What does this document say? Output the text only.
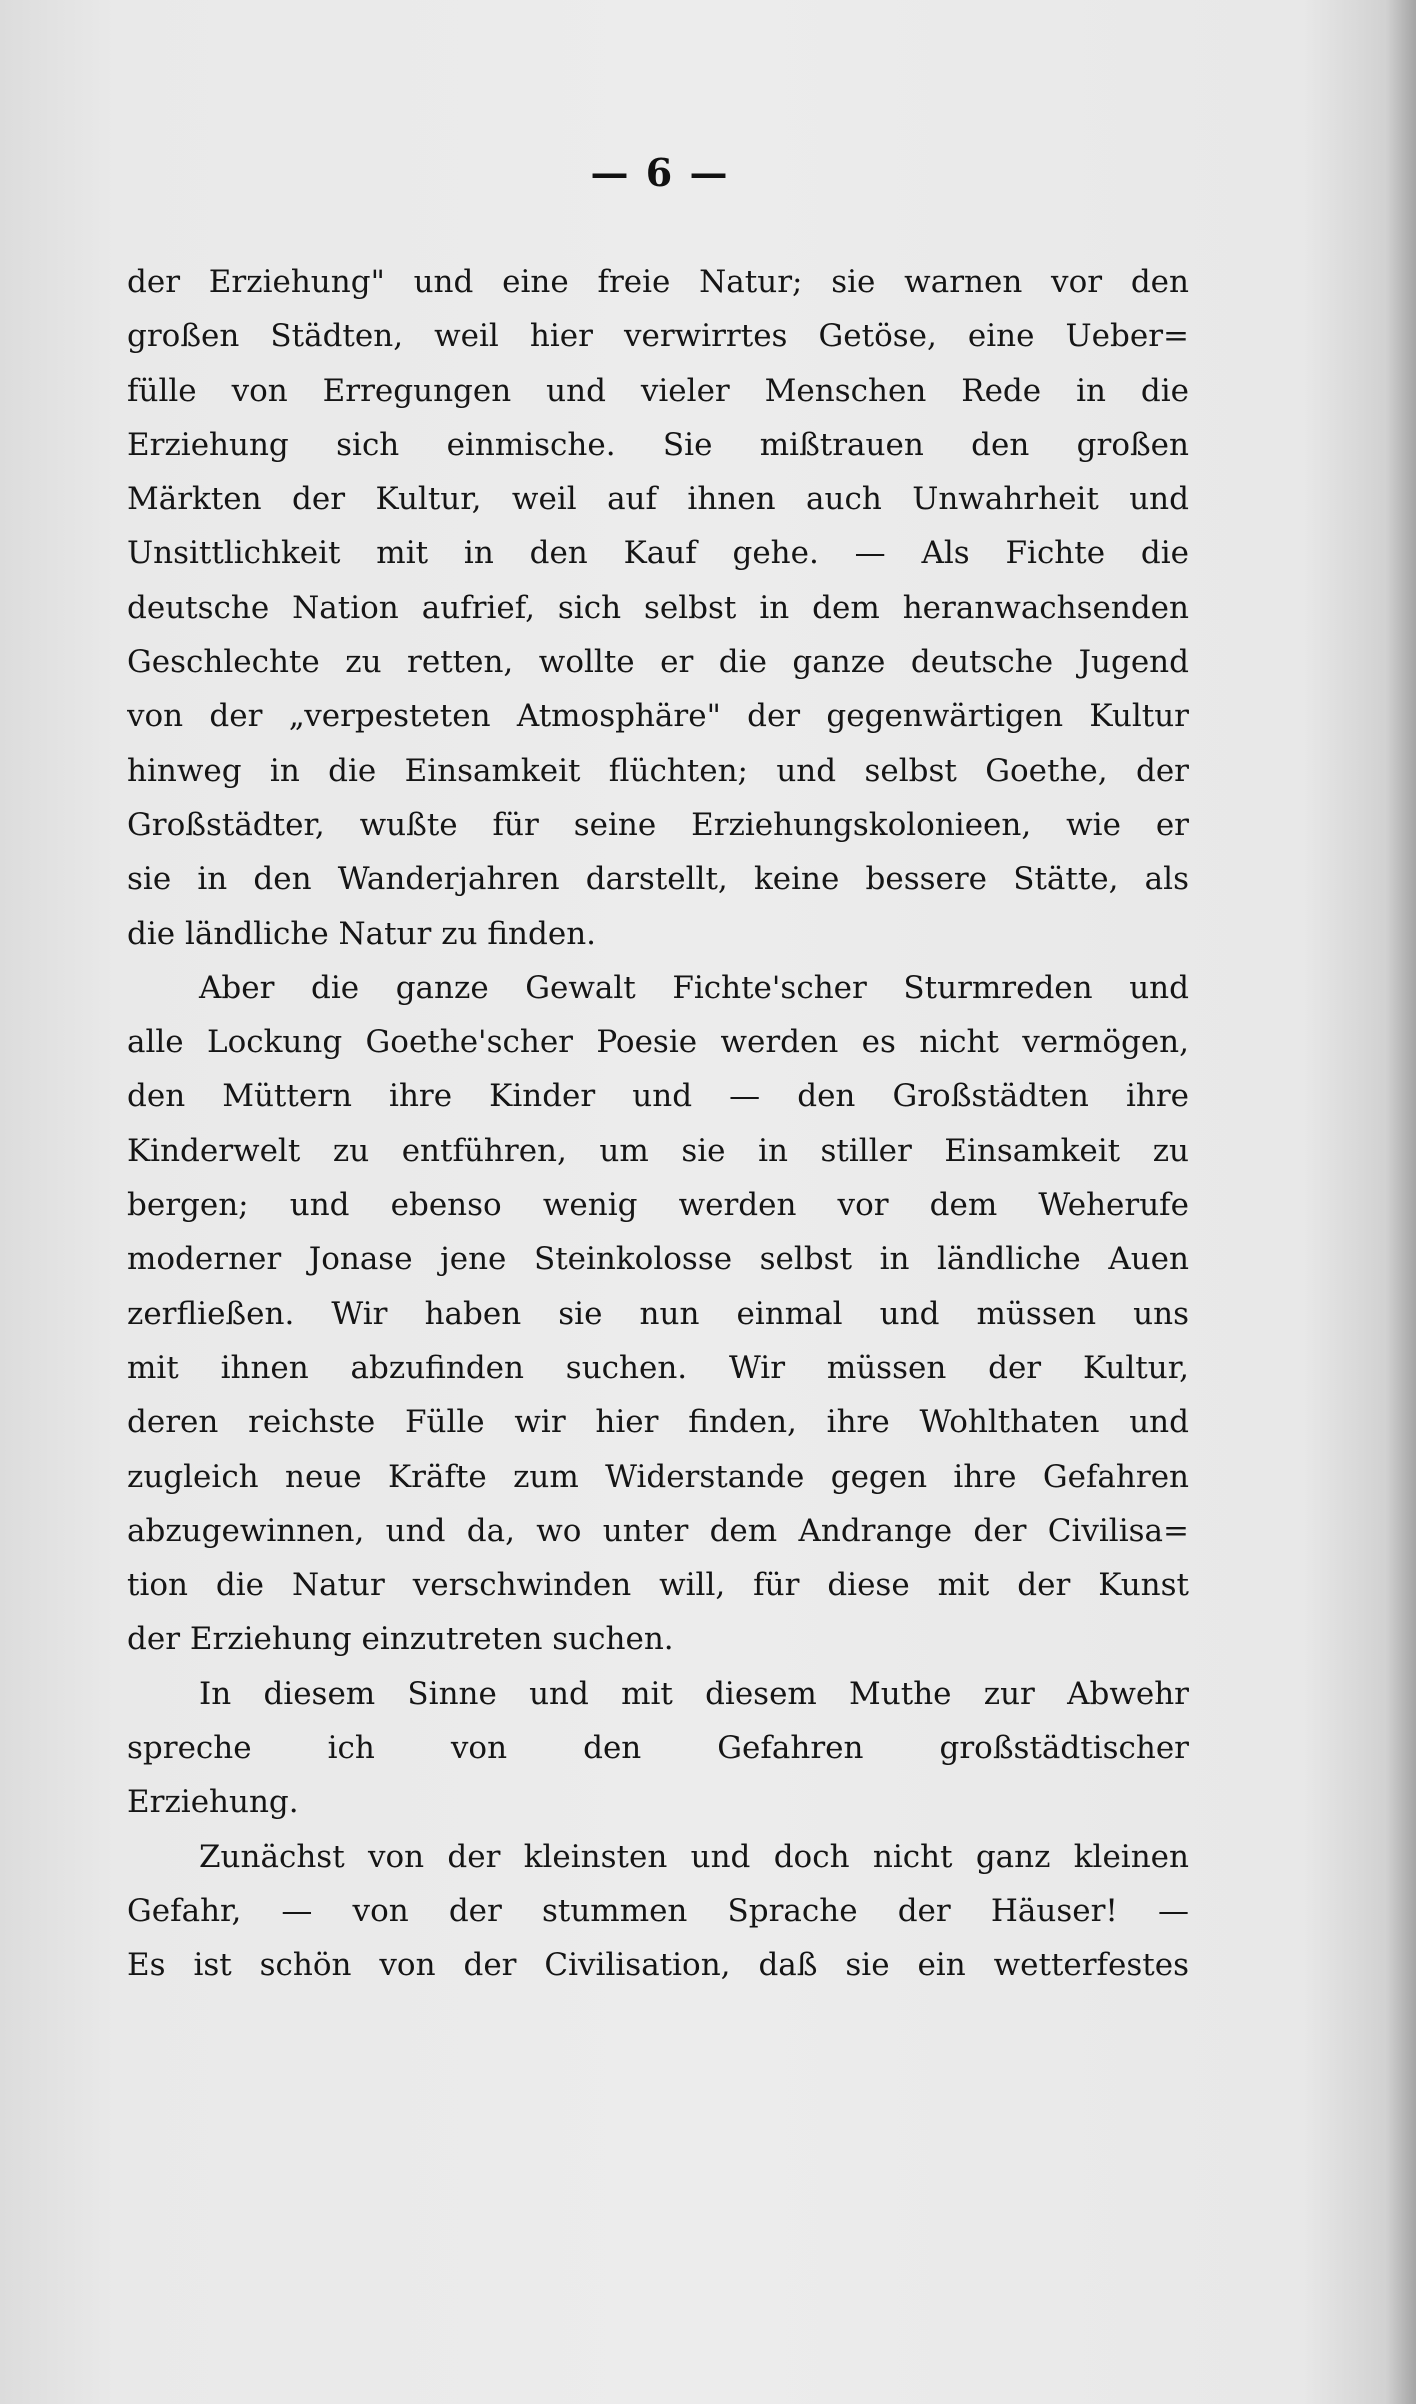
— 6 —
der Erziehung" und eine freie Natur; sie warnen vor den
großen Städten, weil hier verwirrtes Getöse, eine Ueber=
fülle von Erregungen und vieler Menschen Rede in die
Erziehung sich einmische. Sie mißtrauen den großen
Märkten der Kultur, weil auf ihnen auch Unwahrheit und
Unsittlichkeit mit in den Kauf gehe. — Als Fichte die
deutsche Nation aufrief, sich selbst in dem heranwachsenden
Geschlechte zu retten, wollte er die ganze deutsche Jugend
von der „verpesteten Atmosphäre" der gegenwärtigen Kultur
hinweg in die Einsamkeit flüchten; und selbst Goethe, der
Großstädter, wußte für seine Erziehungskolonieen, wie er
sie in den Wanderjahren darstellt, keine bessere Stätte, als
die ländliche Natur zu finden.
Aber die ganze Gewalt Fichte'scher Sturmreden und
alle Lockung Goethe'scher Poesie werden es nicht vermögen,
den Müttern ihre Kinder und — den Großstädten ihre
Kinderwelt zu entführen, um sie in stiller Einsamkeit zu
bergen; und ebenso wenig werden vor dem Weherufe
moderner Jonase jene Steinkolosse selbst in ländliche Auen
zerfließen. Wir haben sie nun einmal und müssen uns
mit ihnen abzufinden suchen. Wir müssen der Kultur,
deren reichste Fülle wir hier finden, ihre Wohlthaten und
zugleich neue Kräfte zum Widerstande gegen ihre Gefahren
abzugewinnen, und da, wo unter dem Andrange der Civilisa=
tion die Natur verschwinden will, für diese mit der Kunst
der Erziehung einzutreten suchen.
In diesem Sinne und mit diesem Muthe zur Abwehr
spreche ich von den Gefahren großstädtischer
Erziehung.
Zunächst von der kleinsten und doch nicht ganz kleinen
Gefahr, — von der stummen Sprache der Häuser! —
Es ist schön von der Civilisation, daß sie ein wetterfestes
